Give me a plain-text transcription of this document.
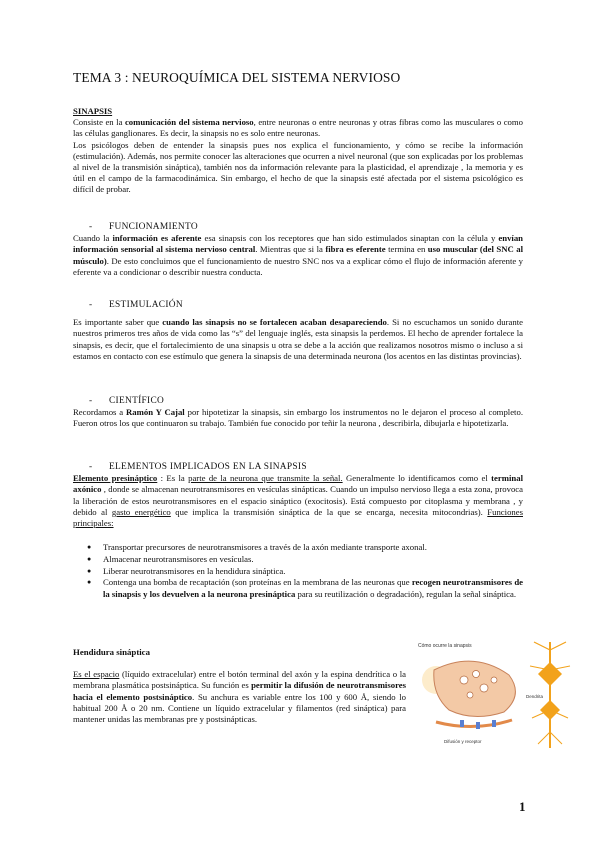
TEMA 3 : NEUROQUÍMICA DEL SISTEMA NERVIOSO

SINAPSIS

Consiste en la comunicación del sistema nervioso, entre neuronas o entre neuronas y otras fibras como las musculares o como las células ganglionares. Es decir, la sinapsis no es solo entre neuronas.

Los psicólogos deben de entender la sinapsis pues nos explica el funcionamiento, y cómo se recibe la información (estimulación). Además, nos permite conocer las alteraciones que ocurren a nivel neuronal (que son explicadas por los problemas al nivel de la transmisión sináptica), también nos da información relevante para la plasticidad, el aprendizaje , la memoria y es útil en el campo de la farmacodinámica. Sin embargo, el hecho de que la sinapsis esté afectada por el sistema psicológico es difícil de probar.

- FUNCIONAMIENTO

Cuando la información es aferente esa sinapsis con los receptores que han sido estimulados sinaptan con la célula y envían información sensorial al sistema nervioso central. Mientras que si la fibra es eferente termina en uso muscular (del SNC al músculo). De esto concluimos que el funcionamiento de nuestro SNC nos va a explicar cómo el flujo de información aferente y eferente va a condicionar o describir nuestra conducta.

- ESTIMULACIÓN

Es importante saber que cuando las sinapsis no se fortalecen acaban desapareciendo. Si no escuchamos un sonido durante nuestros primeros tres años de vida como las “s” del lenguaje inglés, esta sinapsis la perdemos. El hecho de aprender fortalece la sinapsis, es decir, que el fortalecimiento de una sinapsis u otra se debe a la acción que realizamos nosotros mismo o incluso a si estamos en contacto con ese estímulo que genera la sinapsis de una determinada neurona (los acentos en las distintas provincias).

- CIENTÍFICO

Recordamos a Ramón Y Cajal por hipotetizar la sinapsis, sin embargo los instrumentos no le dejaron el proceso al completo. Fueron otros los que continuaron su trabajo. También fue conocido por teñir la neurona , describirla, dibujarla e hipotetizarla.

- ELEMENTOS IMPLICADOS EN LA SINAPSIS

Elemento presináptico : Es la parte de la neurona que transmite la señal. Generalmente lo identificamos como el terminal axónico , donde se almacenan neurotransmisores en vesículas sinápticas. Cuando un impulso nervioso llega a esta zona, provoca la liberación de estos neurotransmisores en el espacio sináptico (exocitosis). Está compuesto por citoplasma y membrana , y debido al gasto energético que implica la transmisión sináptica de la que se encarga, necesita mitocondrias). Funciones principales:

● Transportar precursores de neurotransmisores a través de la axón mediante transporte axonal.
● Almacenar neurotransmisores en vesículas.
● Liberar neurotransmisores en la hendidura sináptica.
● Contenga una bomba de recaptación (son proteínas en la membrana de las neuronas que recogen neurotransmisores de la sinapsis y los devuelven a la neurona presináptica para su reutilización o degradación), regulan la señal sináptica.

Hendidura sináptica

Es el espacio (líquido extracelular) entre el botón terminal del axón y la espina dendrítica o la membrana plasmática postsináptica. Su función es permitir la difusión de neurotransmisores hacia el elemento postsináptico. Su anchura es variable entre los 100 y 600 Å, siendo lo habitual 200 Å o 20 nm. Contiene un líquido extracelular y filamentos (red sináptica) para mantener unidas las membranas pre y postsinápticas.

Cómo ocurre la sinapsis
Difusión y receptor
Dendrita
1
